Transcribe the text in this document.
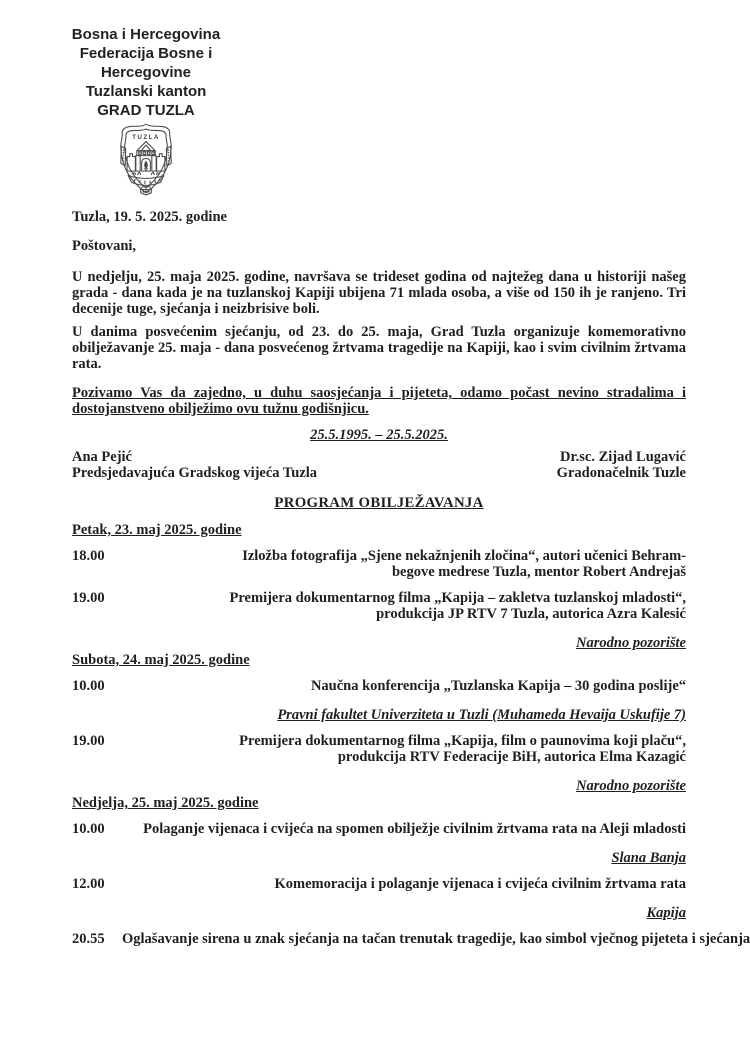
Bosna i Hercegovina
Federacija Bosne i Hercegovine
Tuzlanski kanton
GRAD TUZLA
TUZLA
Tuzla, 19. 5. 2025. godine
Poštovani,

U nedjelju, 25. maja 2025. godine, navršava se trideset godina od najtežeg dana u historiji našeg grada - dana kada je na tuzlanskoj Kapiji ubijena 71 mlada osoba, a više od 150 ih je ranjeno. Tri decenije tuge, sjećanja i neizbrisive boli.

U danima posvećenim sjećanju, od 23. do 25. maja, Grad Tuzla organizuje komemorativno obilježavanje 25. maja - dana posvećenog žrtvama tragedije na Kapiji, kao i svim civilnim žrtvama rata.

Pozivamo Vas da zajedno, u duhu saosjećanja i pijeteta, odamo počast nevino stradalima i dostojanstveno obilježimo ovu tužnu godišnjicu.

25.5.1995. – 25.5.2025.
Ana Pejić
Predsjedavajuća Gradskog vijeća Tuzla
Dr.sc. Zijad Lugavić
Gradonačelnik Tuzle
PROGRAM OBILJEŽAVANJA
Petak, 23. maj 2025. godine
18.00	Izložba fotografija „Sjene nekažnjenih zločina“, autori učenici Behram-
begove medrese Tuzla, mentor Robert Andrejaš
19.00	Premijera dokumentarnog filma „Kapija – zakletva tuzlanskoj mladosti“,
produkcija JP RTV 7 Tuzla, autorica Azra Kalesić
Narodno pozorište
Subota, 24. maj 2025. godine
10.00	Naučna konferencija „Tuzlanska Kapija – 30 godina poslije“
Pravni fakultet Univerziteta u Tuzli (Muhameda Hevaija Uskufije 7)
19.00	Premijera dokumentarnog filma „Kapija, film o paunovima koji plaču“,
produkcija RTV Federacije BiH, autorica Elma Kazagić
Narodno pozorište
Nedjelja, 25. maj 2025. godine
10.00	Polaganje vijenaca i cvijeća na spomen obilježje civilnim žrtvama rata na Aleji mladosti
Slana Banja
12.00	Komemoracija i polaganje vijenaca i cvijeća civilnim žrtvama rata
Kapija
20.55	Oglašavanje sirena u znak sjećanja na tačan trenutak tragedije, kao simbol vječnog pijeteta i sjećanja
